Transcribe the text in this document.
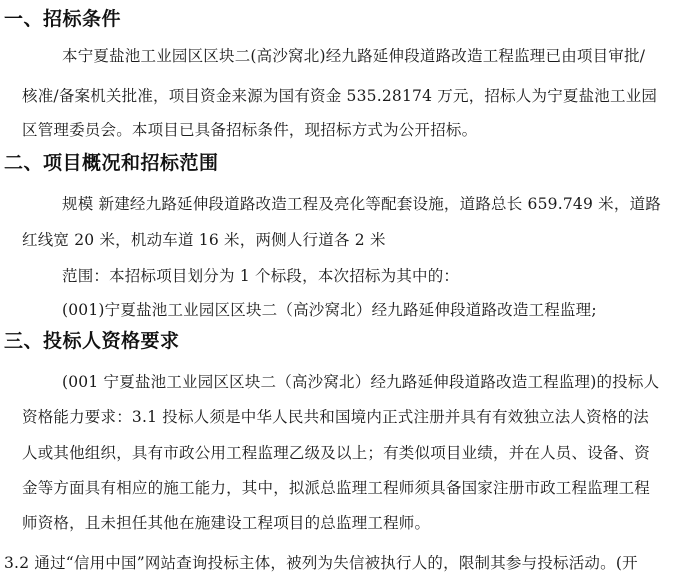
一、招标条件
本宁夏盐池工业园区区块二(高沙窝北)经九路延伸段道路改造工程监理已由项目审批/
核准/备案机关批准，项目资金来源为国有资金 535.28174 万元，招标人为宁夏盐池工业园
区管理委员会。本项目已具备招标条件，现招标方式为公开招标。
二、项目概况和招标范围
规模 新建经九路延伸段道路改造工程及亮化等配套设施，道路总长 659.749 米，道路
红线宽 20 米，机动车道 16 米，两侧人行道各 2 米
范围：本招标项目划分为 1 个标段，本次招标为其中的：
(001)宁夏盐池工业园区区块二（高沙窝北）经九路延伸段道路改造工程监理;
三、投标人资格要求
(001 宁夏盐池工业园区区块二（高沙窝北）经九路延伸段道路改造工程监理)的投标人
资格能力要求：3.1 投标人须是中华人民共和国境内正式注册并具有有效独立法人资格的法
人或其他组织，具有市政公用工程监理乙级及以上；有类似项目业绩，并在人员、设备、资
金等方面具有相应的施工能力，其中，拟派总监理工程师须具备国家注册市政工程监理工程
师资格，且未担任其他在施建设工程项目的总监理工程师。
3.2 通过“信用中国”网站查询投标主体，被列为失信被执行人的，限制其参与投标活动。(开
